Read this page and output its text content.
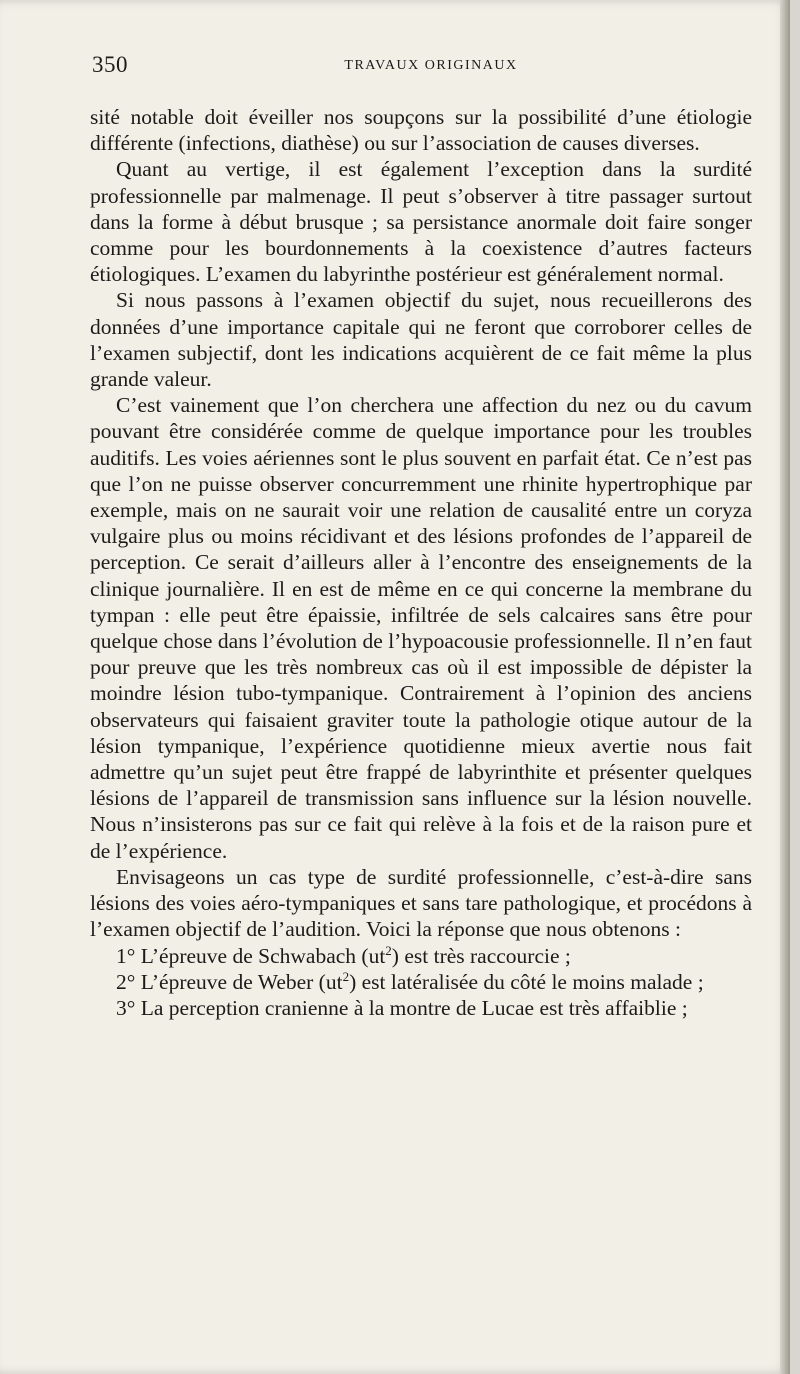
350	TRAVAUX ORIGINAUX

sité notable doit éveiller nos soupçons sur la possibilité d’une étiologie différente (infections, diathèse) ou sur l’association de causes diverses.

Quant au vertige, il est également l’exception dans la surdité professionnelle par malmenage. Il peut s’observer à titre passager surtout dans la forme à début brusque ; sa persistance anormale doit faire songer comme pour les bourdonnements à la coexistence d’autres facteurs étiologiques. L’examen du labyrinthe postérieur est généralement normal.

Si nous passons à l’examen objectif du sujet, nous recueillerons des données d’une importance capitale qui ne feront que corroborer celles de l’examen subjectif, dont les indications acquièrent de ce fait même la plus grande valeur.

C’est vainement que l’on cherchera une affection du nez ou du cavum pouvant être considérée comme de quelque importance pour les troubles auditifs. Les voies aériennes sont le plus souvent en parfait état. Ce n’est pas que l’on ne puisse observer concurremment une rhinite hypertrophique par exemple, mais on ne saurait voir une relation de causalité entre un coryza vulgaire plus ou moins récidivant et des lésions profondes de l’appareil de perception. Ce serait d’ailleurs aller à l’encontre des enseignements de la clinique journalière. Il en est de même en ce qui concerne la membrane du tympan : elle peut être épaissie, infiltrée de sels calcaires sans être pour quelque chose dans l’évolution de l’hypoacousie professionnelle. Il n’en faut pour preuve que les très nombreux cas où il est impossible de dépister la moindre lésion tubo-tympanique. Contrairement à l’opinion des anciens observateurs qui faisaient graviter toute la pathologie otique autour de la lésion tympanique, l’expérience quotidienne mieux avertie nous fait admettre qu’un sujet peut être frappé de labyrinthite et présenter quelques lésions de l’appareil de transmission sans influence sur la lésion nouvelle. Nous n’insisterons pas sur ce fait qui relève à la fois et de la raison pure et de l’expérience.

Envisageons un cas type de surdité professionnelle, c’est-à-dire sans lésions des voies aéro-tympaniques et sans tare pathologique, et procédons à l’examen objectif de l’audition. Voici la réponse que nous obtenons :

1° L’épreuve de Schwabach $(ut^2)$ est très raccourcie ;

2° L’épreuve de Weber $(ut^2)$ est latéralisée du côté le moins malade ;

3° La perception cranienne à la montre de Lucae est très affaiblie ;
